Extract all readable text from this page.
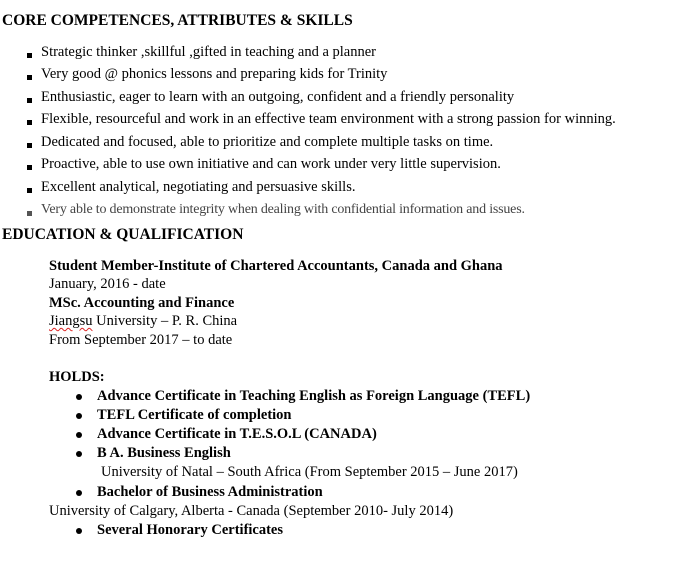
CORE COMPETENCES, ATTRIBUTES & SKILLS
Strategic thinker ,skillful ,gifted in teaching and a planner
Very good @ phonics lessons and preparing kids for Trinity
Enthusiastic, eager to learn with an outgoing, confident and a friendly personality
Flexible, resourceful and work in an effective team environment with a strong passion for winning.
Dedicated and focused, able to prioritize and complete multiple tasks on time.
Proactive, able to use own initiative and can work under very little supervision.
Excellent analytical, negotiating and persuasive skills.
Very able to demonstrate integrity when dealing with confidential information and issues.
EDUCATION & QUALIFICATION
Student Member-Institute of Chartered Accountants, Canada and Ghana
January, 2016 - date
MSc. Accounting and Finance
Jiangsu University – P. R. China
From September 2017 – to date
HOLDS:
Advance Certificate in Teaching English as Foreign Language (TEFL)
TEFL Certificate of completion
Advance Certificate in T.E.S.O.L (CANADA)
B A. Business English
University of Natal – South Africa (From September 2015 – June 2017)
Bachelor of Business Administration
University of Calgary, Alberta - Canada (September 2010- July 2014)
Several Honorary Certificates
